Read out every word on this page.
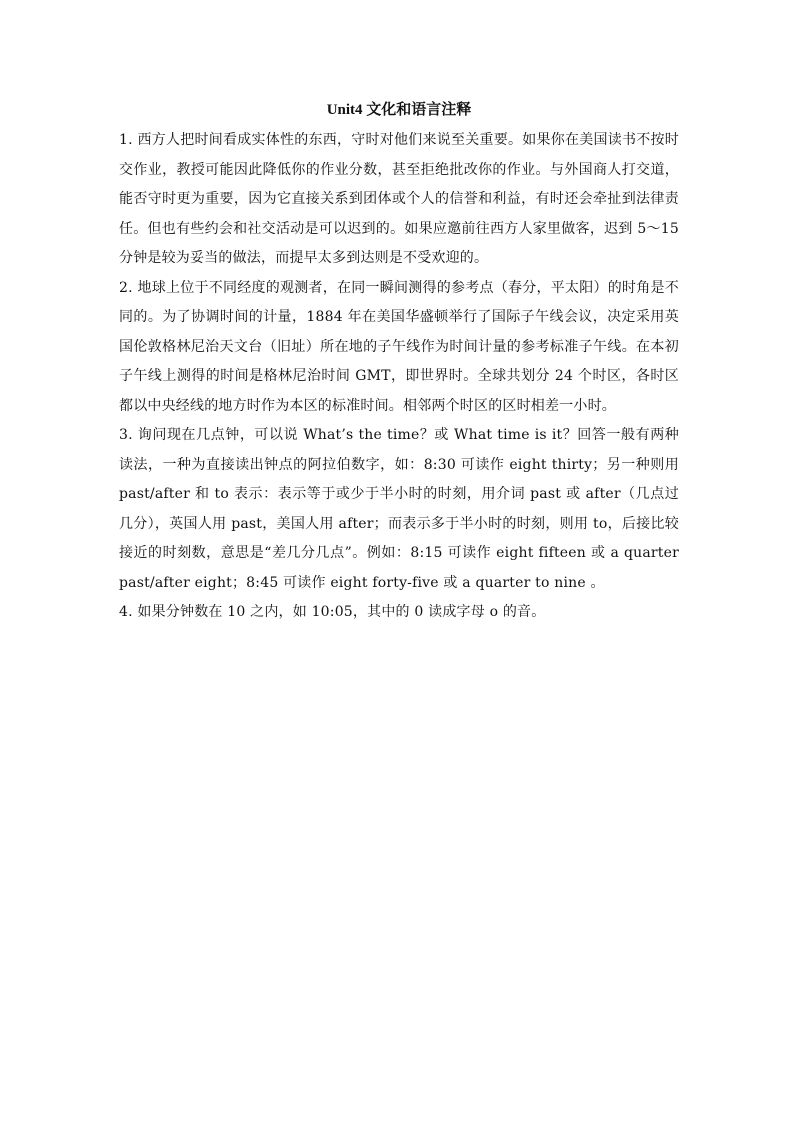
Unit4 文化和语言注释

1. 西方人把时间看成实体性的东西，守时对他们来说至关重要。如果你在美国读书不按时交作业，教授可能因此降低你的作业分数，甚至拒绝批改你的作业。与外国商人打交道，能否守时更为重要，因为它直接关系到团体或个人的信誉和利益，有时还会牵扯到法律责任。但也有些约会和社交活动是可以迟到的。如果应邀前往西方人家里做客，迟到 5～15 分钟是较为妥当的做法，而提早太多到达则是不受欢迎的。

2. 地球上位于不同经度的观测者，在同一瞬间测得的参考点（春分，平太阳）的时角是不同的。为了协调时间的计量，1884 年在美国华盛顿举行了国际子午线会议，决定采用英国伦敦格林尼治天文台（旧址）所在地的子午线作为时间计量的参考标准子午线。在本初子午线上测得的时间是格林尼治时间 GMT，即世界时。全球共划分 24 个时区，各时区都以中央经线的地方时作为本区的标准时间。相邻两个时区的区时相差一小时。

3. 询问现在几点钟，可以说 What’s the time？或 What time is it？回答一般有两种读法，一种为直接读出钟点的阿拉伯数字，如：8:30 可读作 eight thirty；另一种则用 past/after 和 to 表示：表示等于或少于半小时的时刻，用介词 past 或 after（几点过几分），英国人用 past，美国人用 after；而表示多于半小时的时刻，则用 to，后接比较接近的时刻数，意思是“差几分几点”。例如：8:15 可读作 eight fifteen 或 a quarter past/after eight；8:45 可读作 eight forty-five 或 a quarter to nine 。

4. 如果分钟数在 10 之内，如 10:05，其中的 0 读成字母 o 的音。
